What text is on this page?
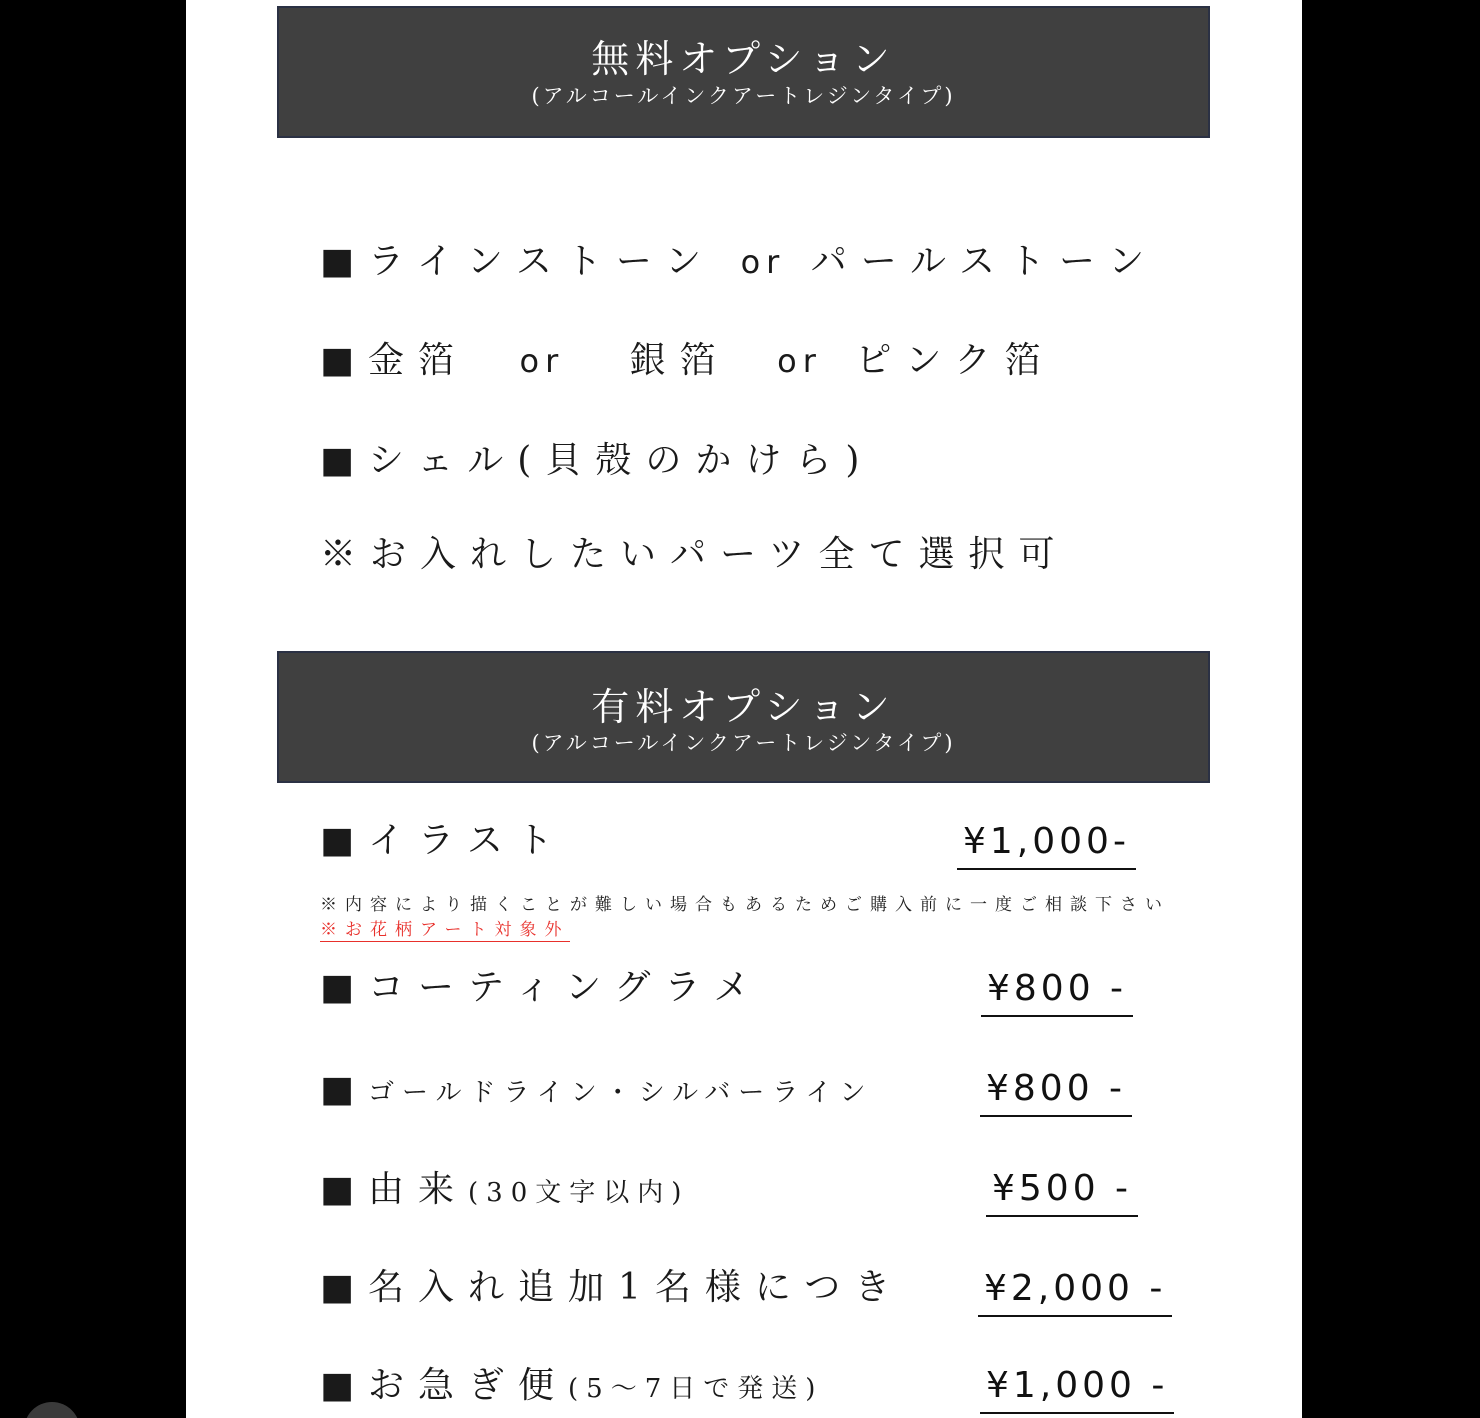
無料オプション
(アルコールインクアートレジンタイプ)
■ラインストーン or パールストーン
■金箔 or 銀箔 or ピンク箔
■シェル(貝殻のかけら)
※お入れしたいパーツ全て選択可
有料オプション
(アルコールインクアートレジンタイプ)
■イラスト	¥1,000-
※内容により描くことが難しい場合もあるためご購入前に一度ご相談下さい
※お花柄アート対象外
■コーティングラメ	¥800 -
■ゴールドライン・シルバーライン	¥800 -
■由来(30文字以内)	¥500 -
■名入れ追加1名様につき ¥2,000 -
■お急ぎ便(5〜7日で発送)	¥1,000 -
